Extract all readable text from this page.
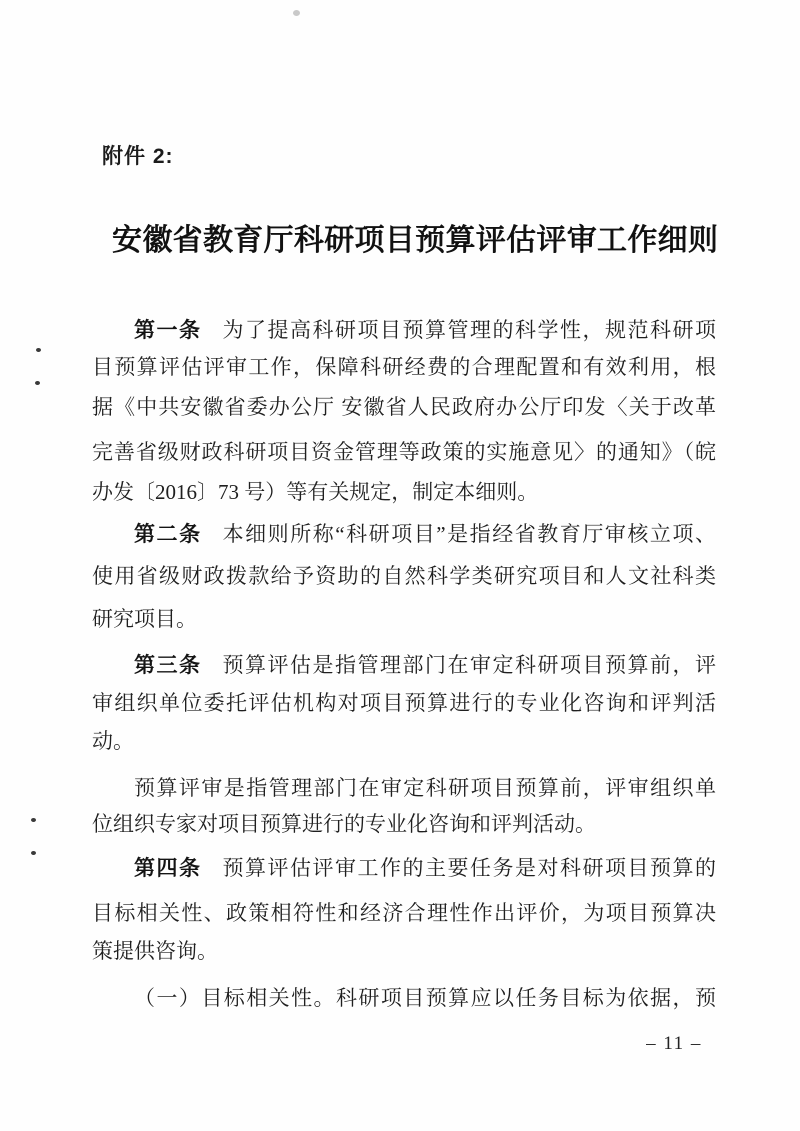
附件 2:
安徽省教育厅科研项目预算评估评审工作细则
第一条 为了提高科研项目预算管理的科学性，规范科研项
目预算评估评审工作，保障科研经费的合理配置和有效利用，根
据《中共安徽省委办公厅 安徽省人民政府办公厅印发〈关于改革
完善省级财政科研项目资金管理等政策的实施意见〉的通知》（皖
办发〔2016〕73 号）等有关规定，制定本细则。
第二条 本细则所称“科研项目”是指经省教育厅审核立项、
使用省级财政拨款给予资助的自然科学类研究项目和人文社科类
研究项目。
第三条 预算评估是指管理部门在审定科研项目预算前，评
审组织单位委托评估机构对项目预算进行的专业化咨询和评判活
动。
预算评审是指管理部门在审定科研项目预算前，评审组织单
位组织专家对项目预算进行的专业化咨询和评判活动。
第四条 预算评估评审工作的主要任务是对科研项目预算的
目标相关性、政策相符性和经济合理性作出评价，为项目预算决
策提供咨询。
（一）目标相关性。科研项目预算应以任务目标为依据，预
– 11 –
